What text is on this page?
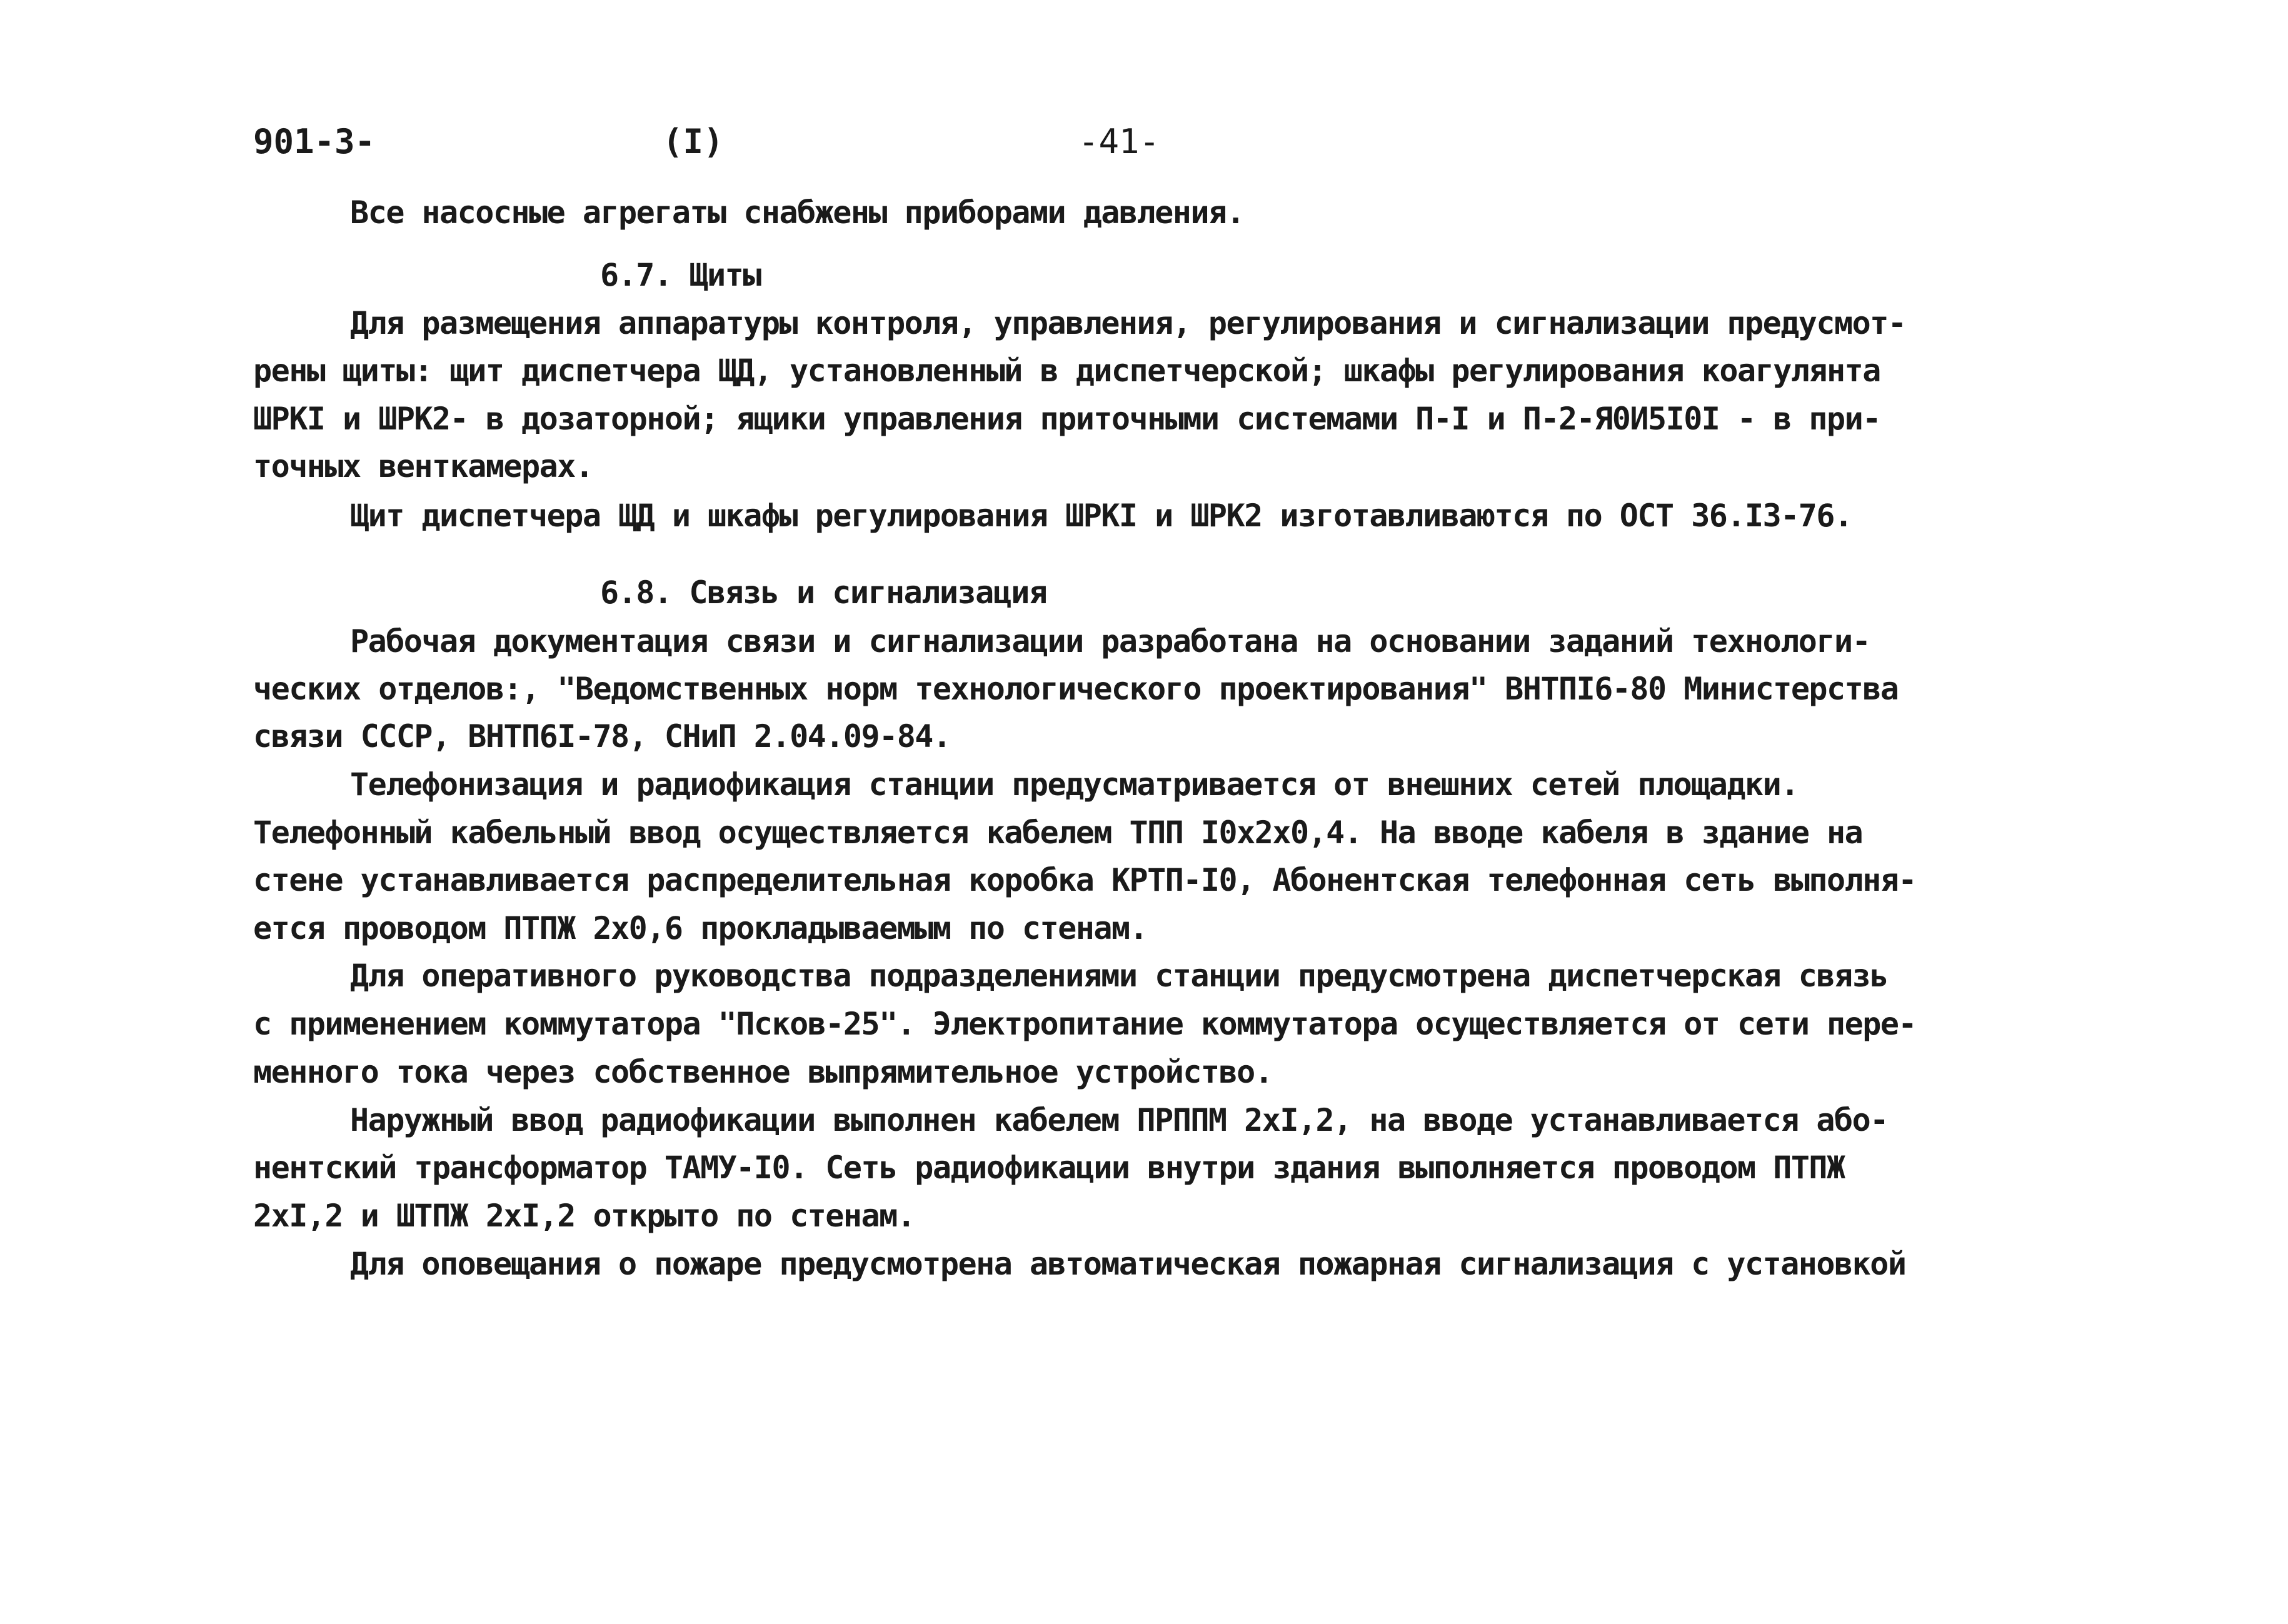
901-3-	(I)	-41-
Все насосные агрегаты снабжены приборами давления.
6.7. Щиты
Для размещения аппаратуры контроля, управления, регулирования и сигнализации предусмот-
рены щиты: щит диспетчера ЩД, установленный в диспетчерской; шкафы регулирования коагулянта
ШРКI и ШРК2- в дозаторной; ящики управления приточными системами П-I и П-2-Я0И5I0I - в при-
точных венткамерах.
Щит диспетчера ЩД и шкафы регулирования ШРКI и ШРК2 изготавливаются по ОСТ 36.I3-76.
6.8. Связь и сигнализация
Рабочая документация связи и сигнализации разработана на основании заданий технологи-
ческих отделов:, "Ведомственных норм технологического проектирования" ВНТПI6-80 Министерства
связи СССР, ВНТП6I-78, СНиП 2.04.09-84.
Телефонизация и радиофикация станции предусматривается от внешних сетей площадки.
Телефонный кабельный ввод осуществляется кабелем ТПП I0x2x0,4. На вводе кабеля в здание на
стене устанавливается распределительная коробка КРТП-I0, Абонентская телефонная сеть выполня-
ется проводом ПТПЖ 2x0,6 прокладываемым по стенам.
Для оперативного руководства подразделениями станции предусмотрена диспетчерская связь
с применением коммутатора "Псков-25". Электропитание коммутатора осуществляется от сети пере-
менного тока через собственное выпрямительное устройство.
Наружный ввод радиофикации выполнен кабелем ПРППМ 2xI,2, на вводе устанавливается або-
нентский трансформатор ТАМУ-I0. Сеть радиофикации внутри здания выполняется проводом ПТПЖ
2xI,2 и ШТПЖ 2xI,2 открыто по стенам.
Для оповещания о пожаре предусмотрена автоматическая пожарная сигнализация с установкой
